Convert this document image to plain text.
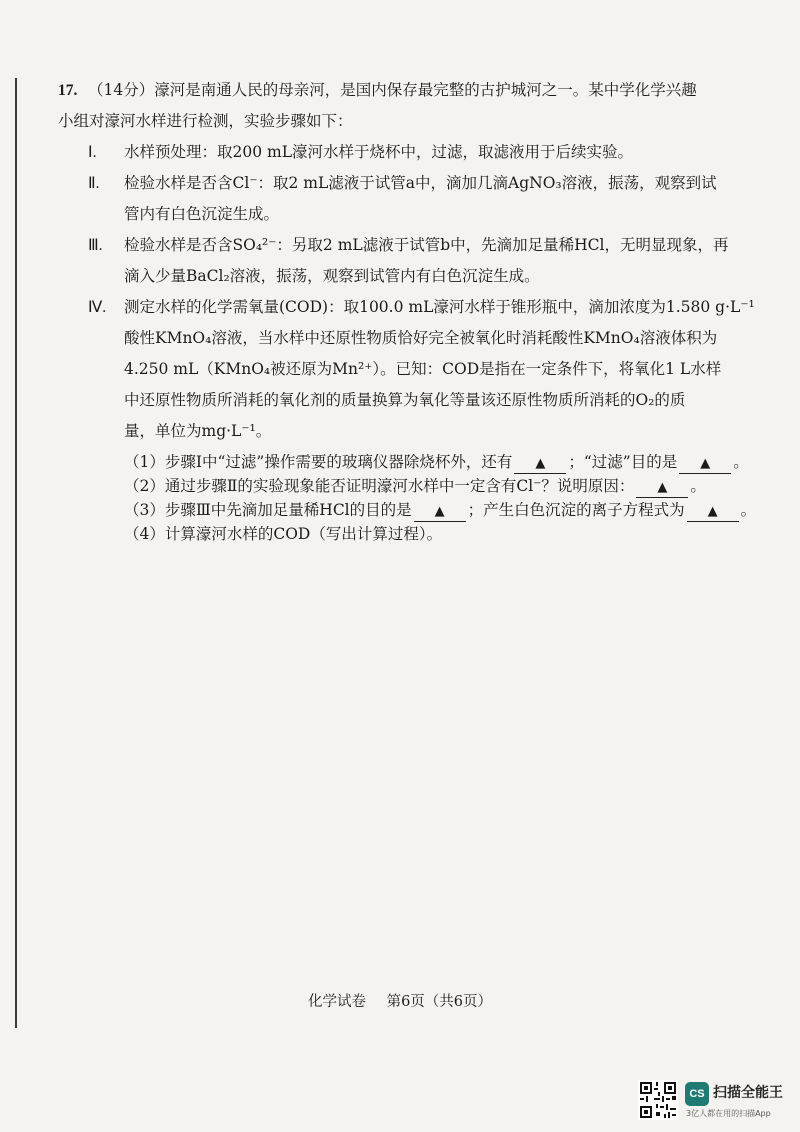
17. （14分）濠河是南通人民的母亲河，是国内保存最完整的古护城河之一。某中学化学兴趣
小组对濠河水样进行检测，实验步骤如下：
Ⅰ. 水样预处理：取200 mL濠河水样于烧杯中，过滤，取滤液用于后续实验。
Ⅱ. 检验水样是否含Cl⁻：取2 mL滤液于试管a中，滴加几滴AgNO₃溶液，振荡，观察到试
管内有白色沉淀生成。
Ⅲ. 检验水样是否含SO₄²⁻：另取2 mL滤液于试管b中，先滴加足量稀HCl，无明显现象，再
滴入少量BaCl₂溶液，振荡，观察到试管内有白色沉淀生成。
Ⅳ. 测定水样的化学需氧量(COD)：取100.0 mL濠河水样于锥形瓶中，滴加浓度为1.580 g·L⁻¹
酸性KMnO₄溶液，当水样中还原性物质恰好完全被氧化时消耗酸性KMnO₄溶液体积为
4.250 mL（KMnO₄被还原为Mn²⁺）。已知：COD是指在一定条件下，将氧化1 L水样
中还原性物质所消耗的氧化剂的质量换算为氧化等量该还原性物质所消耗的O₂的质
量，单位为mg·L⁻¹。
（1）步骤Ⅰ中“过滤”操作需要的玻璃仪器除烧杯外，还有 ▲ ；“过滤”目的是 ▲ 。
（2）通过步骤Ⅱ的实验现象能否证明濠河水样中一定含有Cl⁻？说明原因： ▲ 。
（3）步骤Ⅲ中先滴加足量稀HCl的目的是 ▲ ；产生白色沉淀的离子方程式为 ▲ 。
（4）计算濠河水样的COD（写出计算过程）。
化学试卷 第6页（共6页）
CS 扫描全能王
3亿人都在用的扫描App
